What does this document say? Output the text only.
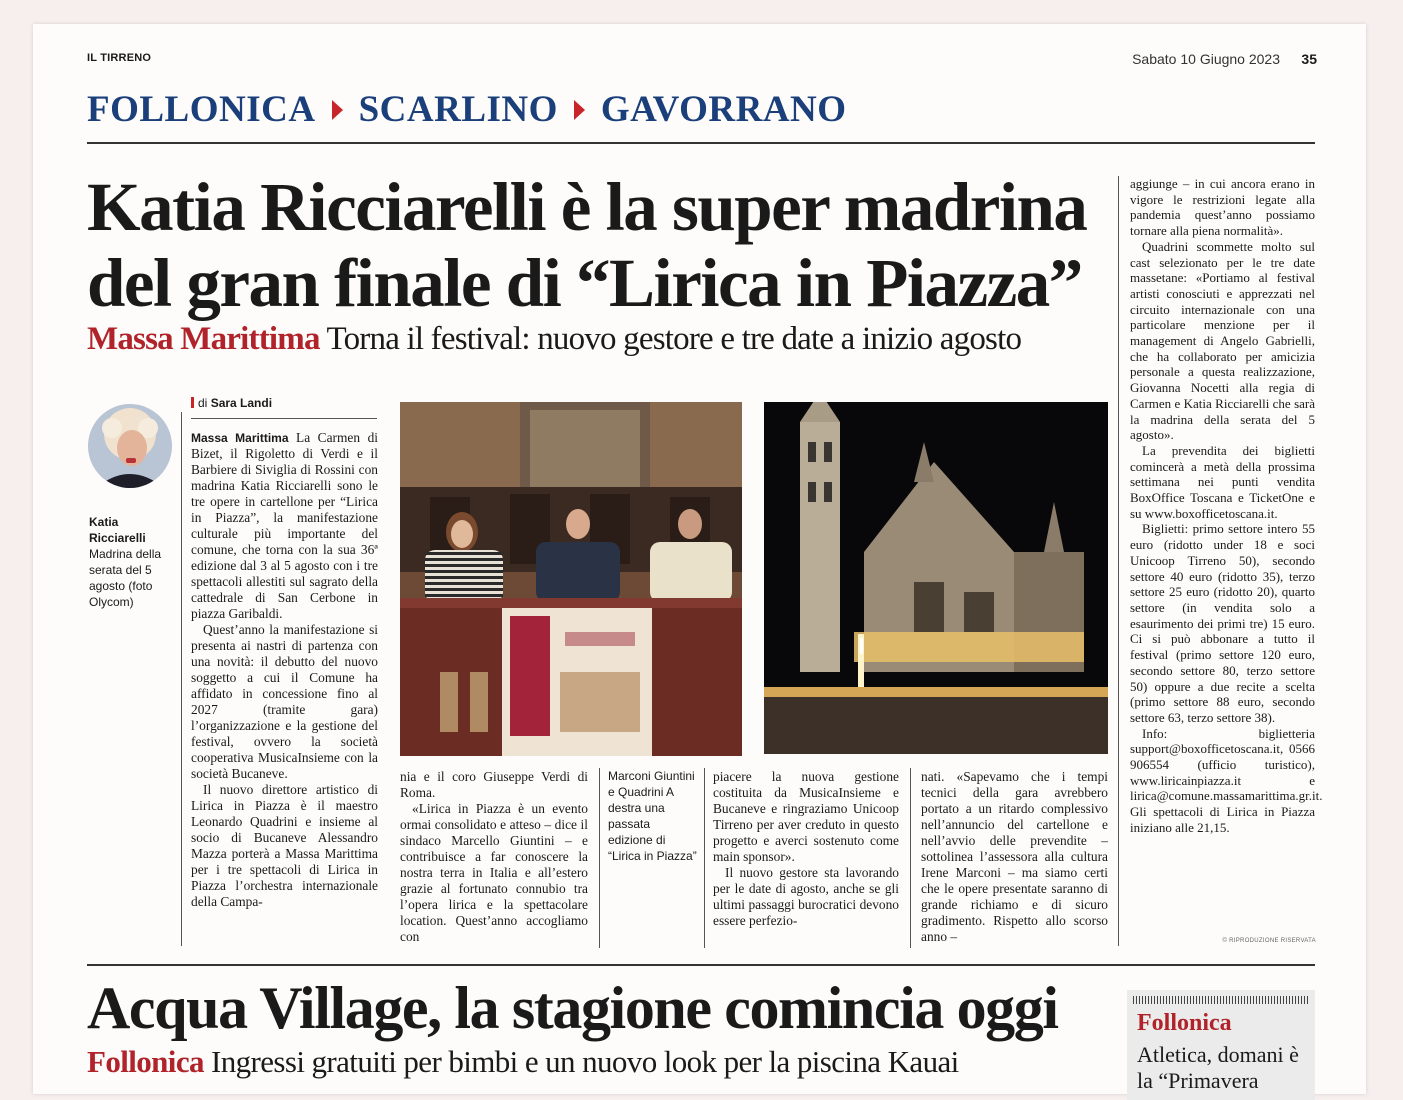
IL TIRRENO	Sabato 10 Giugno 2023 35
FOLLONICA SCARLINO GAVORRANO
Katia Ricciarelli è la super madrina
del gran finale di “Lirica in Piazza”
Massa Marittima Torna il festival: nuovo gestore e tre date a inizio agosto
Katia Ricciarelli
Madrina della serata del 5 agosto (foto Olycom)
di Sara Landi

Massa Marittima La Carmen di Bizet, il Rigoletto di Verdi e il Barbiere di Siviglia di Rossini con madrina Katia Ricciarelli sono le tre opere in cartellone per “Lirica in Piazza”, la manifestazione culturale più importante del comune, che torna con la sua 36ª edizione dal 3 al 5 agosto con i tre spettacoli allestiti sul sagrato della cattedrale di San Cerbone in piazza Garibaldi.

Quest’anno la manifestazione si presenta ai nastri di partenza con una novità: il debutto del nuovo soggetto a cui il Comune ha affidato in concessione fino al 2027 (tramite gara) l’organizzazione e la gestione del festival, ovvero la società cooperativa MusicaInsieme con la società Bucaneve.

Il nuovo direttore artistico di Lirica in Piazza è il maestro Leonardo Quadrini e insieme al socio di Bucaneve Alessandro Mazza porterà a Massa Marittima per i tre spettacoli di Lirica in Piazza l’orchestra internazionale della Campa-

nia e il coro Giuseppe Verdi di Roma.

«Lirica in Piazza è un evento ormai consolidato e atteso – dice il sindaco Marcello Giuntini – e contribuisce a far conoscere la nostra terra in Italia e all’estero grazie al fortunato connubio tra l’opera lirica e la spettacolare location. Quest’anno accogliamo con

Marconi Giuntini e Quadrini A destra una passata edizione di “Lirica in Piazza”

piacere la nuova gestione costituita da MusicaInsieme e Bucaneve e ringraziamo Unicoop Tirreno per aver creduto in questo progetto e averci sostenuto come main sponsor».

Il nuovo gestore sta lavorando per le date di agosto, anche se gli ultimi passaggi burocratici devono essere perfezio-

nati. «Sapevamo che i tempi tecnici della gara avrebbero portato a un ritardo complessivo nell’annuncio del cartellone e nell’avvio delle prevendite – sottolinea l’assessora alla cultura Irene Marconi – ma siamo certi che le opere presentate saranno di grande richiamo e di sicuro gradimento. Rispetto allo scorso anno –

aggiunge – in cui ancora erano in vigore le restrizioni legate alla pandemia quest’anno possiamo tornare alla piena normalità».

Quadrini scommette molto sul cast selezionato per le tre date massetane: «Portiamo al festival artisti conosciuti e apprezzati nel circuito internazionale con una particolare menzione per il management di Angelo Gabrielli, che ha collaborato per amicizia personale a questa realizzazione, Giovanna Nocetti alla regia di Carmen e Katia Ricciarelli che sarà la madrina della serata del 5 agosto».

La prevendita dei biglietti comincerà a metà della prossima settimana nei punti vendita BoxOffice Toscana e TicketOne e su www.boxofficetoscana.it.

Biglietti: primo settore intero 55 euro (ridotto under 18 e soci Unicoop Tirreno 50), secondo settore 40 euro (ridotto 35), terzo settore 25 euro (ridotto 20), quarto settore (in vendita solo a esaurimento dei primi tre) 15 euro. Ci si può abbonare a tutto il festival (primo settore 120 euro, secondo settore 80, terzo settore 50) oppure a due recite a scelta (primo settore 88 euro, secondo settore 63, terzo settore 38).

Info: biglietteria support@boxofficetoscana.it, 0566 906554 (ufficio turistico), www.liricainpiazza.it e lirica@comune.massamarittima.gr.it. Gli spettacoli di Lirica in Piazza iniziano alle 21,15.

© RIPRODUZIONE RISERVATA
Acqua Village, la stagione comincia oggi
Follonica Ingressi gratuiti per bimbi e un nuovo look per la piscina Kauai
Follonica
Atletica, domani è la “Primavera
